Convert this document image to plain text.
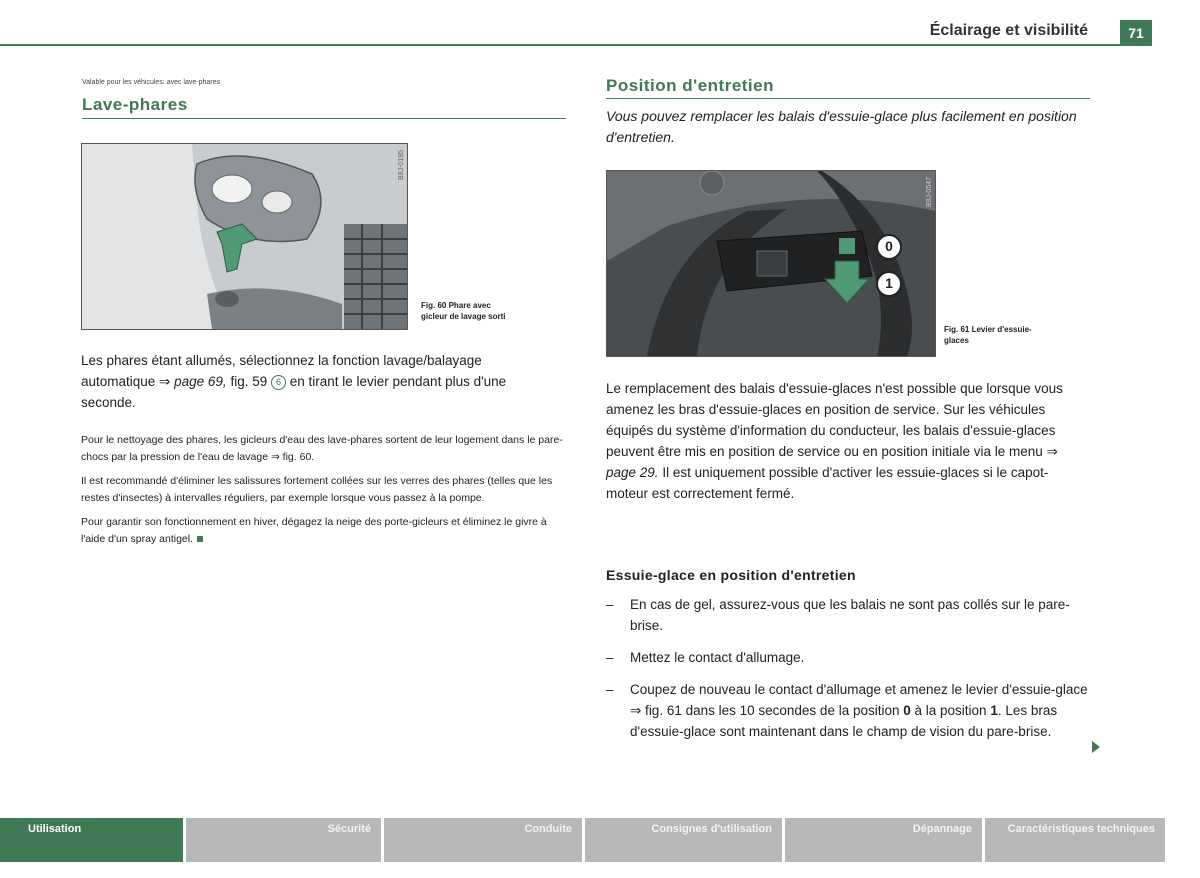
Éclairage et visibilité	71
Valable pour les véhicules: avec lave-phares
Lave-phares
B8J-0195
Fig. 60 Phare avec
gicleur de lavage sorti

Les phares étant allumés, sélectionnez la fonction lavage/balayage automatique ⇒ page 69, fig. 59 6 en tirant le levier pendant plus d'une seconde.

Pour le nettoyage des phares, les gicleurs d'eau des lave-phares sortent de leur logement dans le pare-chocs par la pression de l'eau de lavage ⇒ fig. 60.

Il est recommandé d'éliminer les salissures fortement collées sur les verres des phares (telles que les restes d'insectes) à intervalles réguliers, par exemple lorsque vous passez à la pompe.

Pour garantir son fonctionnement en hiver, dégagez la neige des porte-gicleurs et éliminez le givre à l'aide d'un spray antigel.

Position d'entretien
Vous pouvez remplacer les balais d'essuie-glace plus facilement en position d'entretien.
0
1
B8J-0547
Fig. 61 Levier d'essuie-
glaces

Le remplacement des balais d'essuie-glaces n'est possible que lorsque vous amenez les bras d'essuie-glaces en position de service. Sur les véhicules équipés du système d'information du conducteur, les balais d'essuie-glaces peuvent être mis en position de service ou en position initiale via le menu ⇒ page 29. Il est uniquement possible d'activer les essuie-glaces si le capot-moteur est correctement fermé.

Essuie-glace en position d'entretien
– En cas de gel, assurez-vous que les balais ne sont pas collés sur le pare-brise.
– Mettez le contact d'allumage.
– Coupez de nouveau le contact d'allumage et amenez le levier d'essuie-glace ⇒ fig. 61 dans les 10 secondes de la position 0 à la position 1. Les bras d'essuie-glace sont maintenant dans le champ de vision du pare-brise.
Utilisation	Sécurité	Conduite	Consignes d'utilisation	Dépannage	Caractéristiques techniques
